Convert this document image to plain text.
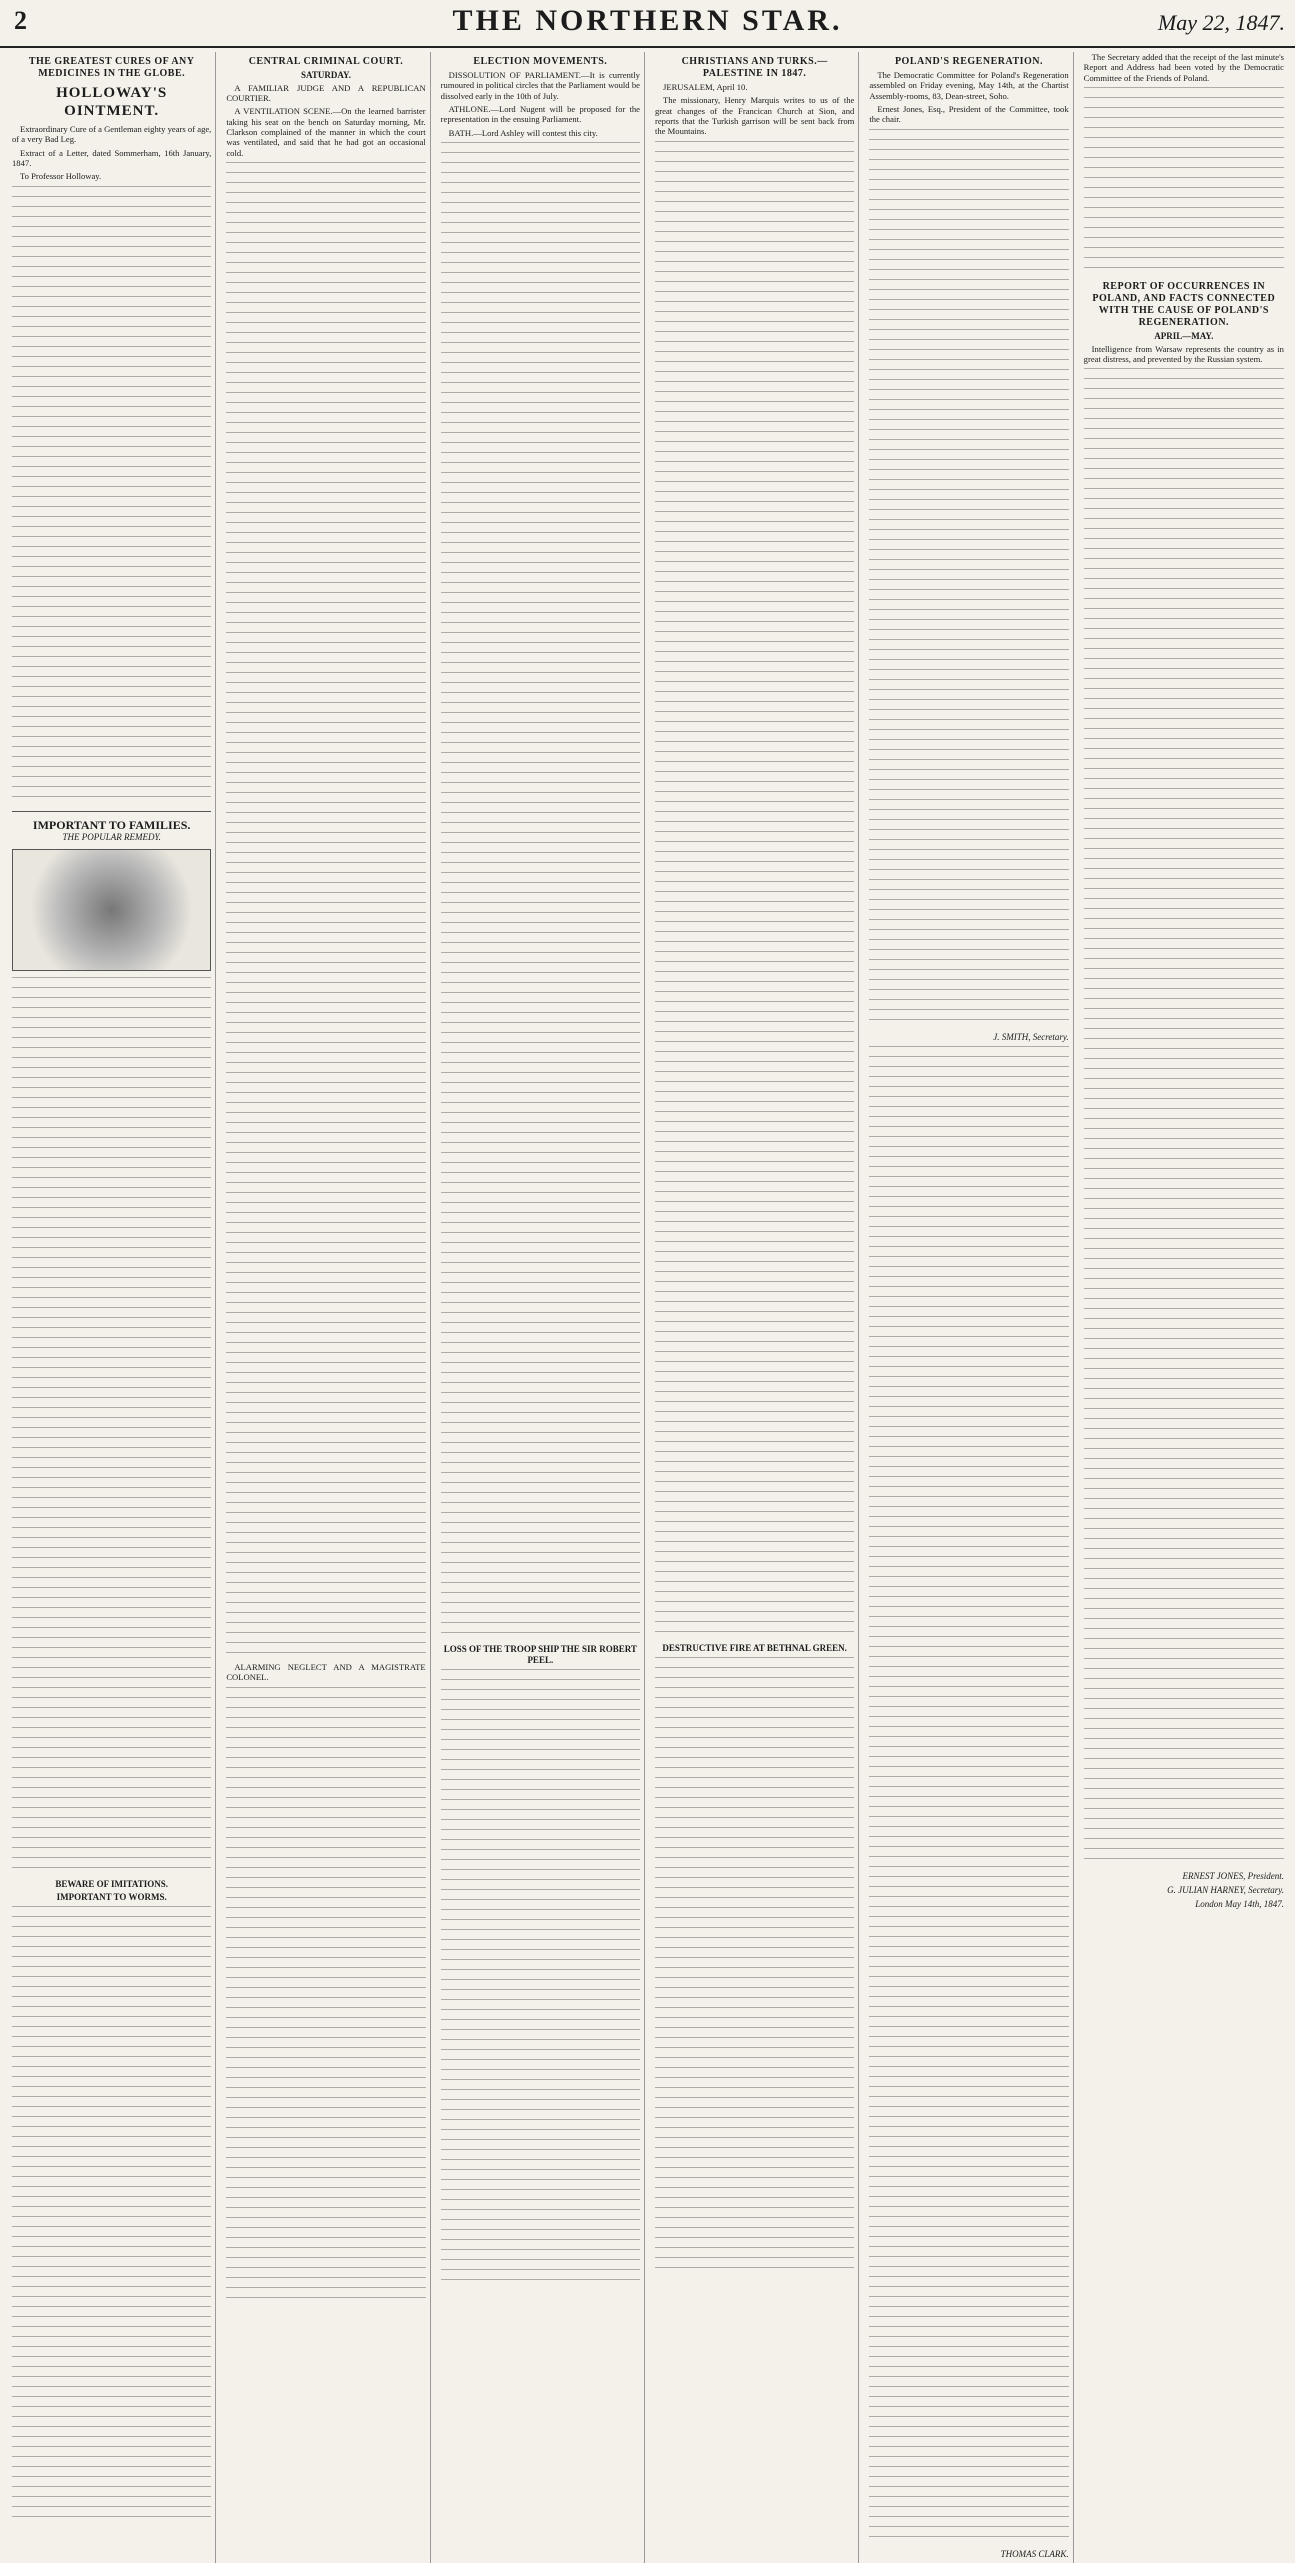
2	THE NORTHERN STAR.	May 22, 1847.
THE GREATEST CURES OF ANY MEDICINES IN THE GLOBE.
HOLLOWAY'S OINTMENT.

Extraordinary Cure of a Gentleman eighty years of age, of a very Bad Leg.

Extract of a Letter, dated Sommerham, 16th January, 1847.

To Professor Holloway.

IMPORTANT TO FAMILIES.
THE POPULAR REMEDY.
BEWARE OF IMITATIONS.
IMPORTANT TO WORMS.
CENTRAL CRIMINAL COURT.
SATURDAY.

A FAMILIAR JUDGE AND A REPUBLICAN COURTIER.

A VENTILATION SCENE.—On the learned barrister taking his seat on the bench on Saturday morning, Mr. Clarkson complained of the manner in which the court was ventilated, and said that he had got an occasional cold.

ALARMING NEGLECT AND A MAGISTRATE COLONEL.

ELECTION MOVEMENTS.

DISSOLUTION OF PARLIAMENT.—It is currently rumoured in political circles that the Parliament would be dissolved early in the 10th of July.

ATHLONE.—Lord Nugent will be proposed for the representation in the ensuing Parliament.

BATH.—Lord Ashley will contest this city.

LOSS OF THE TROOP SHIP THE SIR ROBERT PEEL.
CHRISTIANS AND TURKS.—PALESTINE IN 1847.

JERUSALEM, April 10.

The missionary, Henry Marquis writes to us of the great changes of the Francican Church at Sion, and reports that the Turkish garrison will be sent back from the Mountains.

DESTRUCTIVE FIRE AT BETHNAL GREEN.
POLAND'S REGENERATION.

The Democratic Committee for Poland's Regeneration assembled on Friday evening, May 14th, at the Chartist Assembly-rooms, 83, Dean-street, Soho.

Ernest Jones, Esq., President of the Committee, took the chair.

J. SMITH, Secretary.
THOMAS CLARK.

The Secretary added that the receipt of the last minute's Report and Address had been voted by the Democratic Committee of the Friends of Poland.

REPORT OF OCCURRENCES IN POLAND, AND FACTS CONNECTED WITH THE CAUSE OF POLAND'S REGENERATION.
APRIL—MAY.

Intelligence from Warsaw represents the country as in great distress, and prevented by the Russian system.

ERNEST JONES, President.
G. JULIAN HARNEY, Secretary.
London May 14th, 1847.
